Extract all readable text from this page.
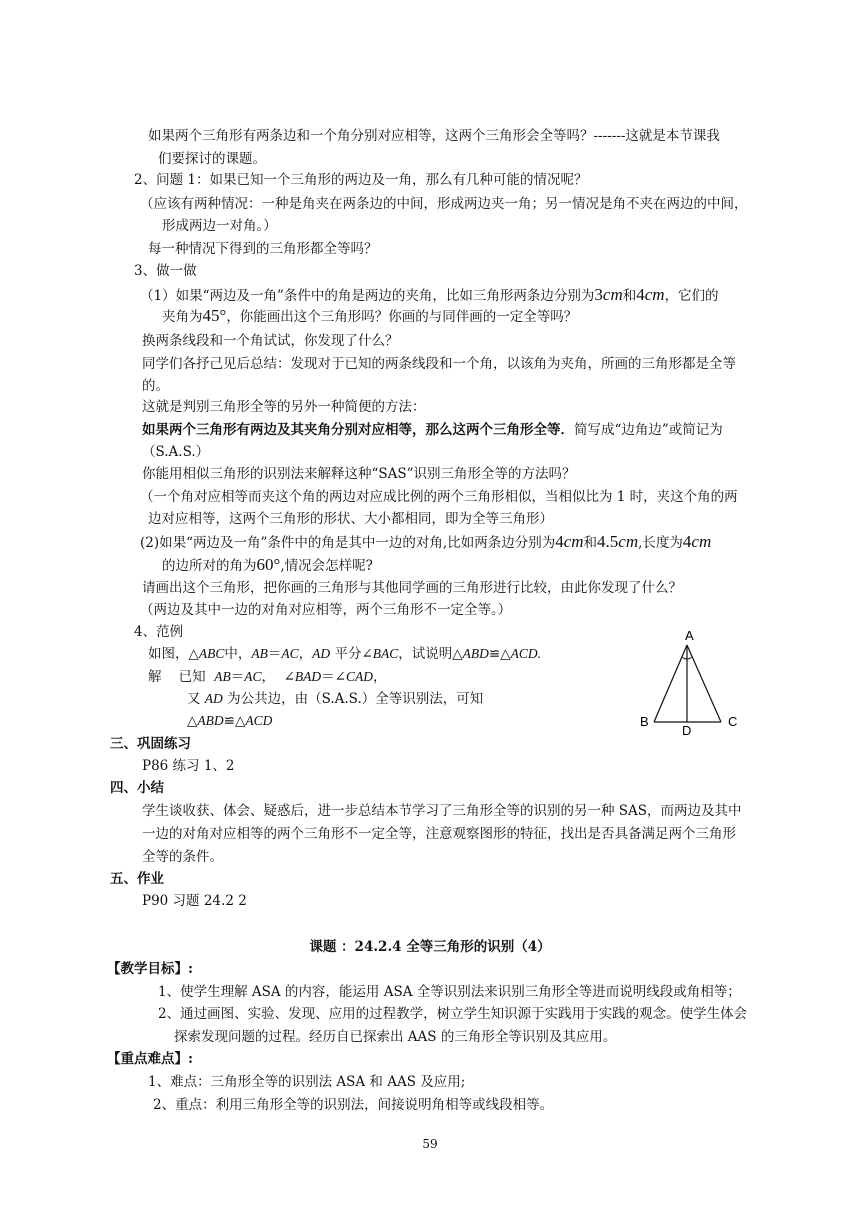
如果两个三角形有两条边和一个角分别对应相等，这两个三角形会全等吗？-------这就是本节课我
们要探讨的课题。
2、问题 1：如果已知一个三角形的两边及一角，那么有几种可能的情况呢？
（应该有两种情况：一种是角夹在两条边的中间，形成两边夹一角；另一情况是角不夹在两边的中间，
形成两边一对角。）
每一种情况下得到的三角形都全等吗？
3、做一做
（1）如果“两边及一角”条件中的角是两边的夹角，比如三角形两条边分别为3cm和4cm，它们的
夹角为45°，你能画出这个三角形吗？你画的与同伴画的一定全等吗？
换两条线段和一个角试试，你发现了什么？
同学们各抒己见后总结：发现对于已知的两条线段和一个角，以该角为夹角，所画的三角形都是全等
的。
这就是判别三角形全等的另外一种简便的方法：
如果两个三角形有两边及其夹角分别对应相等，那么这两个三角形全等．简写成“边角边”或简记为
（S.A.S.）
你能用相似三角形的识别法来解释这种“SAS”识别三角形全等的方法吗？
（一个角对应相等而夹这个角的两边对应成比例的两个三角形相似，当相似比为 1 时，夹这个角的两
边对应相等，这两个三角形的形状、大小都相同，即为全等三角形）
(2)如果“两边及一角”条件中的角是其中一边的对角,比如两条边分别为4cm和4.5cm,长度为4cm
的边所对的角为60°,情况会怎样呢?
请画出这个三角形，把你画的三角形与其他同学画的三角形进行比较，由此你发现了什么？
（两边及其中一边的对角对应相等，两个三角形不一定全等。）
4、范例
如图，△ABC中，AB＝AC，AD 平分∠BAC，试说明△ABD≌△ACD.
解    已知  AB＝AC，  ∠BAD＝∠CAD，
又 AD 为公共边，由（S.A.S.）全等识别法，可知
△ABD≌△ACD
A
B	C
D
三、巩固练习
P86 练习 1、2
四、小结
学生谈收获、体会、疑惑后，进一步总结本节学习了三角形全等的识别的另一种 SAS，而两边及其中
一边的对角对应相等的两个三角形不一定全等，注意观察图形的特征，找出是否具备满足两个三角形
全等的条件。
五、作业
P90 习题 24.2 2
课题 ：24.2.4 全等三角形的识别（4）
【教学目标】:
1、使学生理解 ASA 的内容，能运用 ASA 全等识别法来识别三角形全等进而说明线段或角相等；
2、通过画图、实验、发现、应用的过程教学，树立学生知识源于实践用于实践的观念。使学生体会
探索发现问题的过程。经历自已探索出 AAS 的三角形全等识别及其应用。
【重点难点】:
1、难点：三角形全等的识别法 ASA 和 AAS 及应用;
2、重点：利用三角形全等的识别法，间接说明角相等或线段相等。
59
